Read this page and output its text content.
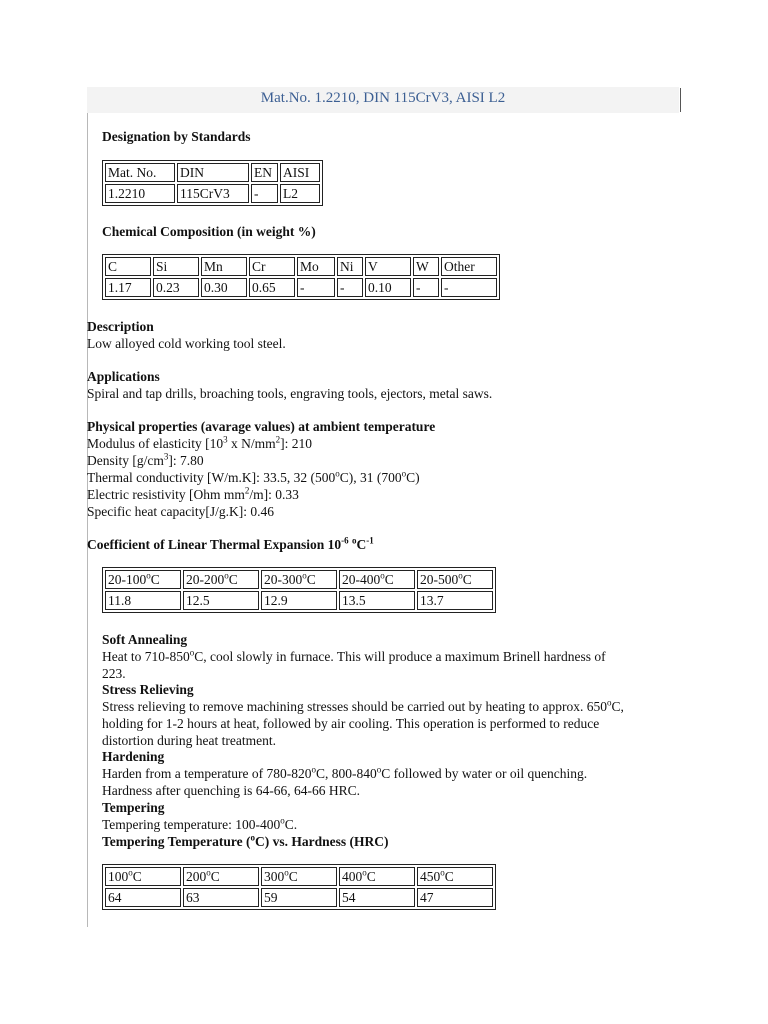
Mat.No. 1.2210, DIN 115CrV3, AISI L2
Designation by Standards
Mat. No.	DIN	EN	AISI
1.2210	115CrV3	-	L2
Chemical Composition (in weight %)
C	Si	Mn	Cr	Mo	Ni	V	W	Other
1.17	0.23	0.30	0.65	-	-	0.10	-	-
Description
Low alloyed cold working tool steel.
Applications
Spiral and tap drills, broaching tools, engraving tools, ejectors, metal saws.
Physical properties (avarage values) at ambient temperature
Modulus of elasticity [$10^3$ x $N/mm^2$]: 210
Density $[g/cm^3]$: 7.80
Thermal conductivity [W/m.K]: 33.5, 32 (500$^o$C), 31 (700$^o$C)
Electric resistivity [Ohm $mm^2/m$]: 0.33
Specific heat capacity[J/g.K]: 0.46
Coefficient of Linear Thermal Expansion $10^{-6}$ $^oC^{-1}$
20-100$^o$C	20-200$^o$C	20-300$^o$C	20-400$^o$C	20-500$^o$C
11.8	12.5	12.9	13.5	13.7
Soft Annealing
Heat to 710-850$^o$C, cool slowly in furnace. This will produce a maximum Brinell hardness of
223.
Stress Relieving
Stress relieving to remove machining stresses should be carried out by heating to approx. 650$^o$C,
holding for 1-2 hours at heat, followed by air cooling. This operation is performed to reduce
distortion during heat treatment.
Hardening
Harden from a temperature of 780-820$^o$C, 800-840$^o$C followed by water or oil quenching.
Hardness after quenching is 64-66, 64-66 HRC.
Tempering
Tempering temperature: 100-400$^o$C.
Tempering Temperature ($^o$C) vs. Hardness (HRC)
100$^o$C	200$^o$C	300$^o$C	400$^o$C	450$^o$C
64	63	59	54	47
